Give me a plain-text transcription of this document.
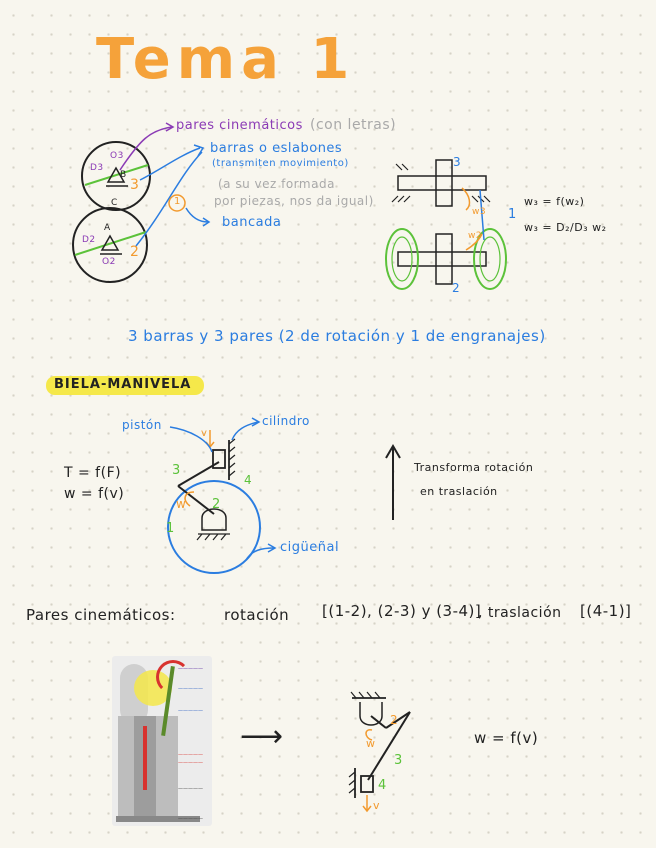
Tema 1
pares cinemáticos (con letras)
barras o eslabones
(transmiten movimiento)
(a su vez formada
por piezas, nos da igual)
bancada
O3
B
C
A
O2
D3
D2
3
2
1
3
w3 1
w2
2
w₃ = f(w₂)
w₃ = D₂/D₃ w₂
3 barras y 3 pares (2 de rotación y 1 de engranajes)
BIELA-MANIVELA
pistón	cilindro
cigüeñal
T = f(F)
w = f(v)
Transforma rotación
en traslación
3
2
4
1
w
v
Pares cinemáticos:	rotación [(1-2), (2-3) y (3-4)]
, traslación [(4-1)]
—————
—————
—————
—————
—————
—————
—————
⟶	w = f(v)
2
w
3
4
v
